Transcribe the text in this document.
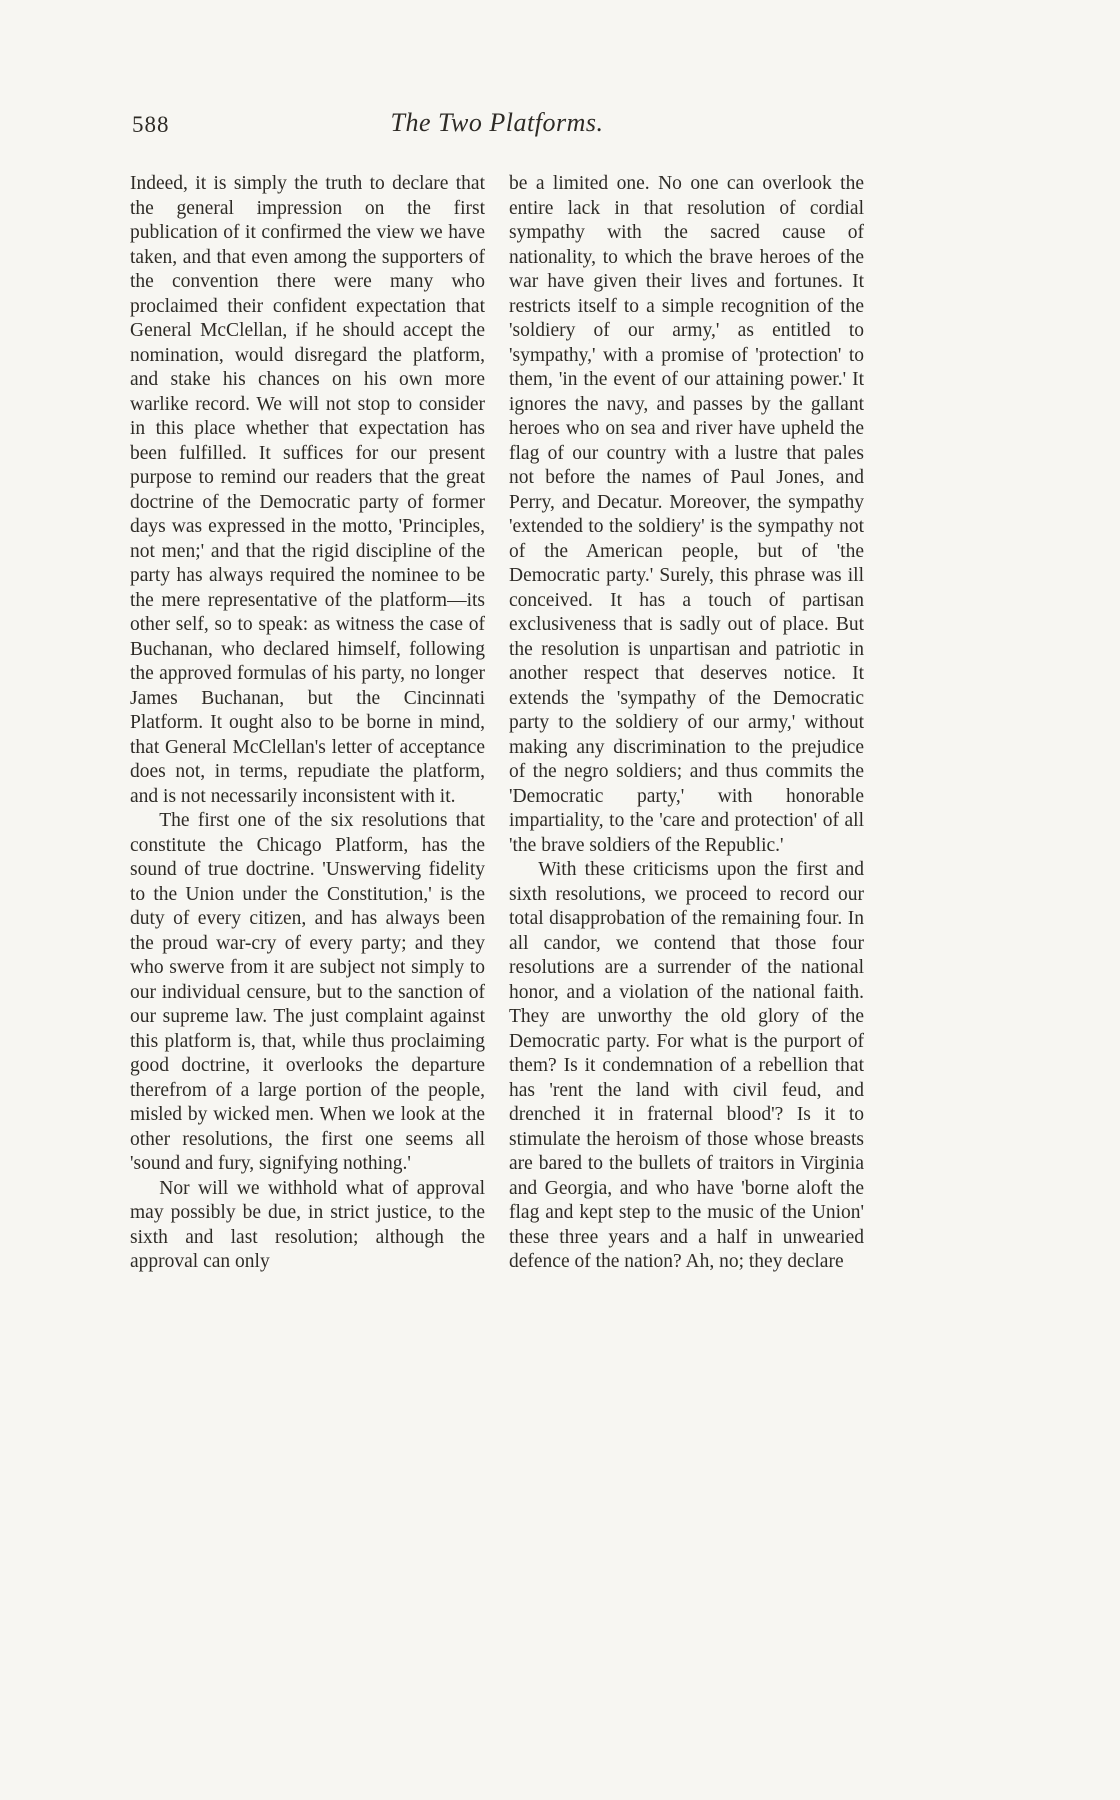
588	The Two Platforms.

Indeed, it is simply the truth to declare that the general impression on the first publication of it confirmed the view we have taken, and that even among the supporters of the convention there were many who proclaimed their confident expectation that General McClellan, if he should accept the nomination, would disregard the platform, and stake his chances on his own more warlike record. We will not stop to consider in this place whether that expectation has been fulfilled. It suffices for our present purpose to remind our readers that the great doctrine of the Democratic party of former days was expressed in the motto, 'Principles, not men;' and that the rigid discipline of the party has always required the nominee to be the mere representative of the platform—its other self, so to speak: as witness the case of Buchanan, who declared himself, following the approved formulas of his party, no longer James Buchanan, but the Cincinnati Platform. It ought also to be borne in mind, that General McClellan's letter of acceptance does not, in terms, repudiate the platform, and is not necessarily inconsistent with it.

The first one of the six resolutions that constitute the Chicago Platform, has the sound of true doctrine. 'Unswerving fidelity to the Union under the Constitution,' is the duty of every citizen, and has always been the proud war-cry of every party; and they who swerve from it are subject not simply to our individual censure, but to the sanction of our supreme law. The just complaint against this platform is, that, while thus proclaiming good doctrine, it overlooks the departure therefrom of a large portion of the people, misled by wicked men. When we look at the other resolutions, the first one seems all 'sound and fury, signifying nothing.'

Nor will we withhold what of approval may possibly be due, in strict justice, to the sixth and last resolution; although the approval can only

be a limited one. No one can overlook the entire lack in that resolution of cordial sympathy with the sacred cause of nationality, to which the brave heroes of the war have given their lives and fortunes. It restricts itself to a simple recognition of the 'soldiery of our army,' as entitled to 'sympathy,' with a promise of 'protection' to them, 'in the event of our attaining power.' It ignores the navy, and passes by the gallant heroes who on sea and river have upheld the flag of our country with a lustre that pales not before the names of Paul Jones, and Perry, and Decatur. Moreover, the sympathy 'extended to the soldiery' is the sympathy not of the American people, but of 'the Democratic party.' Surely, this phrase was ill conceived. It has a touch of partisan exclusiveness that is sadly out of place. But the resolution is unpartisan and patriotic in another respect that deserves notice. It extends the 'sympathy of the Democratic party to the soldiery of our army,' without making any discrimination to the prejudice of the negro soldiers; and thus commits the 'Democratic party,' with honorable impartiality, to the 'care and protection' of all 'the brave soldiers of the Republic.'

With these criticisms upon the first and sixth resolutions, we proceed to record our total disapprobation of the remaining four. In all candor, we contend that those four resolutions are a surrender of the national honor, and a violation of the national faith. They are unworthy the old glory of the Democratic party. For what is the purport of them? Is it condemnation of a rebellion that has 'rent the land with civil feud, and drenched it in fraternal blood'? Is it to stimulate the heroism of those whose breasts are bared to the bullets of traitors in Virginia and Georgia, and who have 'borne aloft the flag and kept step to the music of the Union' these three years and a half in unwearied defence of the nation? Ah, no; they declare
